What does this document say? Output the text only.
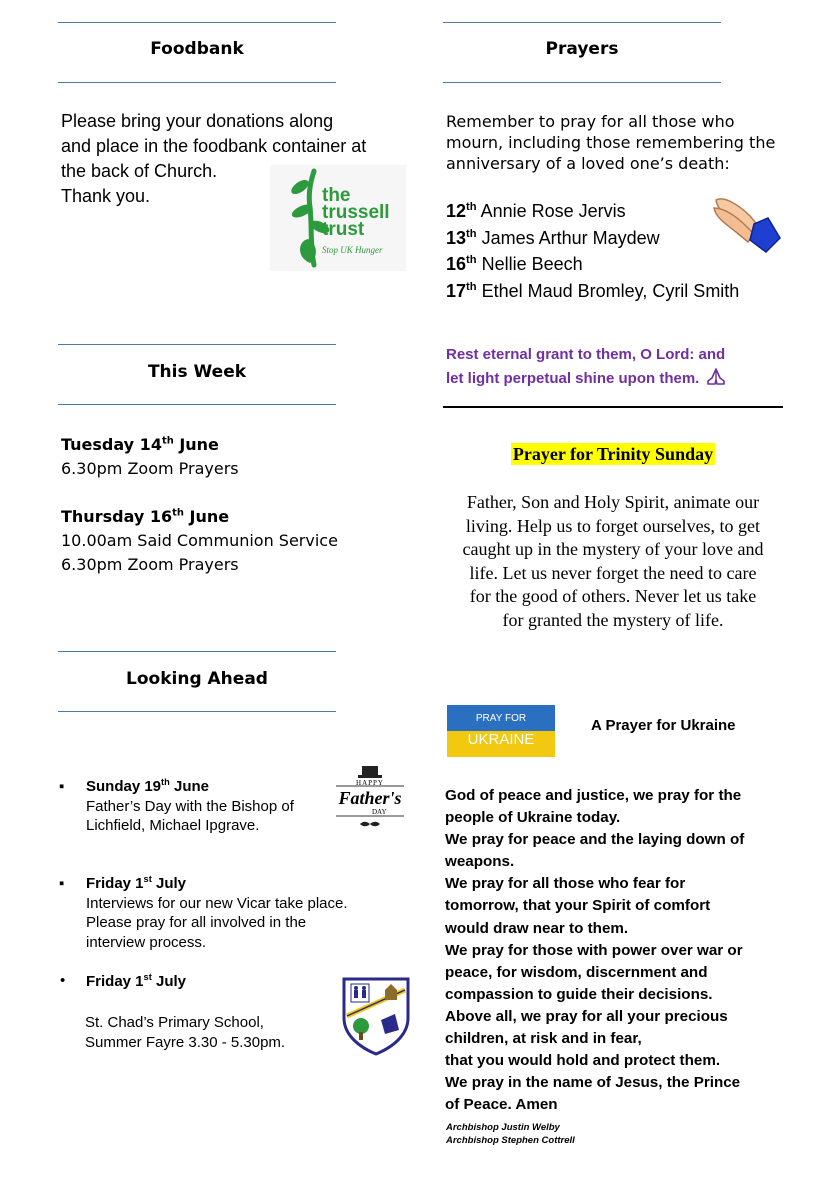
Foodbank
Please bring your donations along
and place in the foodbank container at
the back of Church.
Thank you.	the
trussell
trust
Stop UK Hunger
Prayers
Remember to pray for all those who
mourn, including those remembering the
anniversary of a loved one’s death:
12th Annie Rose Jervis
13th James Arthur Maydew
16th Nellie Beech
17th Ethel Maud Bromley, Cyril Smith
Rest eternal grant to them, O Lord: and
let light perpetual shine upon them.
This Week
Tuesday 14th June
6.30pm Zoom Prayers
Thursday 16th June
10.00am Said Communion Service
6.30pm Zoom Prayers
Prayer for Trinity Sunday
Father, Son and Holy Spirit, animate our
living. Help us to forget ourselves, to get
caught up in the mystery of your love and
life. Let us never forget the need to care
for the good of others. Never let us take
for granted the mystery of life.
Looking Ahead
▪ Sunday 19th June
Father’s Day with the Bishop of
Lichfield, Michael Ipgrave.
HAPPY
Father's
DAY
▪ Friday 1st July
Interviews for our new Vicar take place.
Please pray for all involved in the
interview process.
• Friday 1st July
St. Chad’s Primary School,
Summer Fayre 3.30 - 5.30pm.
PRAY FOR
UKRAINE
A Prayer for Ukraine
God of peace and justice, we pray for the
people of Ukraine today.
We pray for peace and the laying down of
weapons.
We pray for all those who fear for
tomorrow, that your Spirit of comfort
would draw near to them.
We pray for those with power over war or
peace, for wisdom, discernment and
compassion to guide their decisions.
Above all, we pray for all your precious
children, at risk and in fear,
that you would hold and protect them.
We pray in the name of Jesus, the Prince
of Peace. Amen
Archbishop Justin Welby
Archbishop Stephen Cottrell
